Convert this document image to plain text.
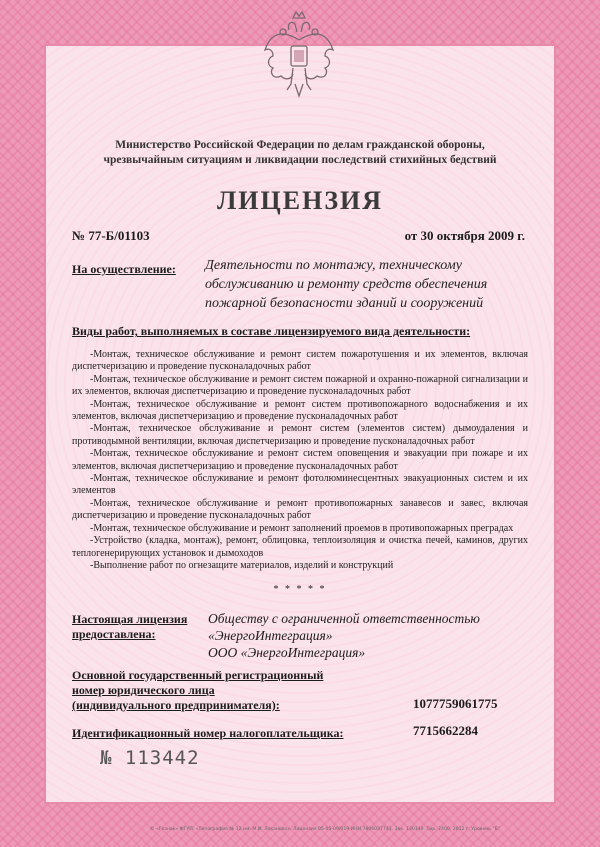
Министерство Российской Федерации по делам гражданской обороны,
чрезвычайным ситуациям и ликвидации последствий стихийных бедствий
ЛИЦЕНЗИЯ
№ 77-Б/01103	от 30 октября 2009 г.
На осуществление: Деятельности по монтажу, техническому обслуживанию и ремонту средств обеспечения пожарной безопасности зданий и сооружений
Виды работ, выполняемых в составе лицензируемого вида деятельности:

-Монтаж, техническое обслуживание и ремонт систем пожаротушения и их элементов, включая диспетчеризацию и проведение пусконаладочных работ

-Монтаж, техническое обслуживание и ремонт систем пожарной и охранно-пожарной сигнализации и их элементов, включая диспетчеризацию и проведение пусконаладочных работ

-Монтаж, техническое обслуживание и ремонт систем противопожарного водоснабжения и их элементов, включая диспетчеризацию и проведение пусконаладочных работ

-Монтаж, техническое обслуживание и ремонт систем (элементов систем) дымоудаления и противодымной вентиляции, включая диспетчеризацию и проведение пусконаладочных работ

-Монтаж, техническое обслуживание и ремонт систем оповещения и эвакуации при пожаре и их элементов, включая диспетчеризацию и проведение пусконаладочных работ

-Монтаж, техническое обслуживание и ремонт фотолюминесцентных эвакуационных систем и их элементов

-Монтаж, техническое обслуживание и ремонт противопожарных занавесов и завес, включая диспетчеризацию и проведение пусконаладочных работ

-Монтаж, техническое обслуживание и ремонт заполнений проемов в противопожарных преградах

-Устройство (кладка, монтаж), ремонт, облицовка, теплоизоляция и очистка печей, каминов, других теплогенерирующих установок и дымоходов

-Выполнение работ по огнезащите материалов, изделий и конструкций

* * * * *
Настоящая лицензия
предоставлена:
Обществу с ограниченной ответственностью
«ЭнергоИнтеграция»
ООО «ЭнергоИнтеграция»
Основной государственный регистрационный
номер юридического лица
(индивидуального предпринимателя):	1077759061775
Идентификационный номер налогоплательщика:	7715662284
№ 113442
© «Гознак» ФГУП. «Типография № 12 им. М.И. Лоханова». Лицензия 05-05-09/019 ИНН 7806037741. Зак. 130149. Тир. 7400. 2012 г. Уровень "Б"
